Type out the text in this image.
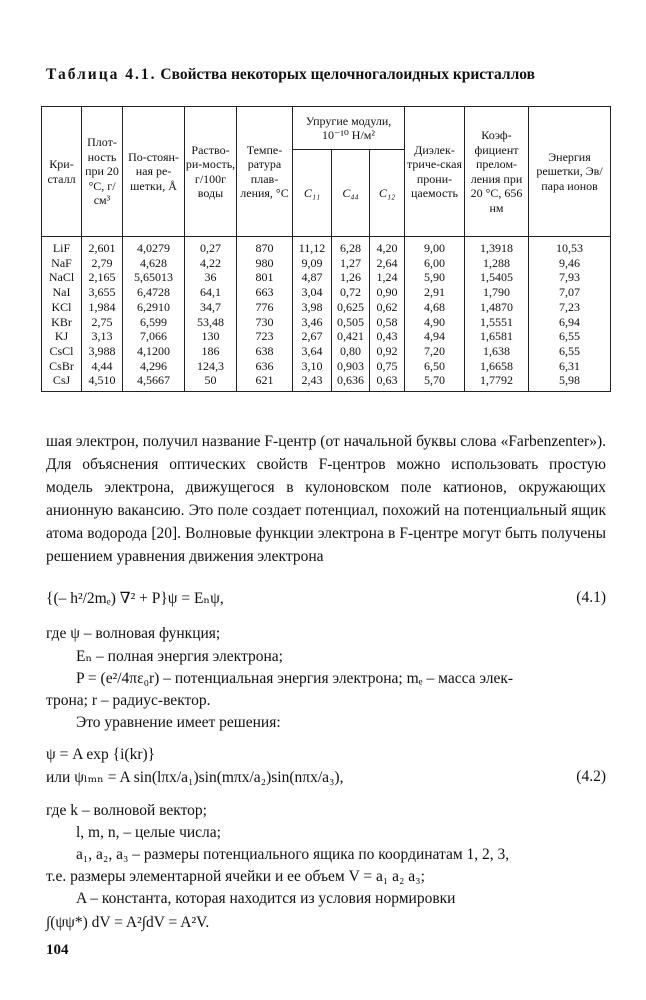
Таблица 4.1. Свойства некоторых щелочногалоидных кристаллов
Кри-сталл	Плот-ность при 20 °С, г/см³	По-стоян-ная ре-шетки, Å	Раство-ри-мость, г/100г воды	Темпе-ратура плав-ления, °С	Упругие модули, 10⁻¹⁰ Н/м²			Диэлек-триче-ская прони-цаемость	Коэф-фициент прелом-ления при 20 °С, 656 нм	Энергия решетки, Эв/пара ионов
					C₁₁	C₄₄	C₁₂			
LiF	2,601	4,0279	0,27	870	11,12	6,28	4,20	9,00	1,3918	10,53
NaF	2,79	4,628	4,22	980	9,09	1,27	2,64	6,00	1,288	9,46
NaCl	2,165	5,65013	36	801	4,87	1,26	1,24	5,90	1,5405	7,93
NaI	3,655	6,4728	64,1	663	3,04	0,72	0,90	2,91	1,790	7,07
KCl	1,984	6,2910	34,7	776	3,98	0,625	0,62	4,68	1,4870	7,23
KBr	2,75	6,599	53,48	730	3,46	0,505	0,58	4,90	1,5551	6,94
KJ	3,13	7,066	130	723	2,67	0,421	0,43	4,94	1,6581	6,55
CsCl	3,988	4,1200	186	638	3,64	0,80	0,92	7,20	1,638	6,55
CsBr	4,44	4,296	124,3	636	3,10	0,903	0,75	6,50	1,6658	6,31
CsJ	4,510	4,5667	50	621	2,43	0,636	0,63	5,70	1,7792	5,98

шая электрон, получил название F-центр (от начальной буквы слова «Farbenzenter»). Для объяснения оптических свойств F-центров можно использовать простую модель электрона, движущегося в кулоновском поле катионов, окружающих анионную вакансию. Это поле создает потенциал, похожий на потенциальный ящик атома водорода [20]. Волновые функции электрона в F-центре могут быть получены решением уравнения движения электрона

{(– h²/2mₑ) ∇² + P}ψ = Eₙψ,	(4.1)
где ψ – волновая функция;
Eₙ – полная энергия электрона;
P = (e²/4πε₀r) – потенциальная энергия электрона; mₑ – масса элек-
трона; r – радиус-вектор.
Это уравнение имеет решения:
ψ = A exp {i(kr)}
или ψₗₘₙ = A sin(lπx/a₁)sin(mπx/a₂)sin(nπx/a₃),	(4.2)
где k – волновой вектор;
l, m, n, – целые числа;
a₁, a₂, a₃ – размеры потенциального ящика по координатам 1, 2, 3,
т.е. размеры элементарной ячейки и ее объем V = a₁ a₂ a₃;
A – константа, которая находится из условия нормировки
∫(ψψ*) dV = A²∫dV = A²V.
104
